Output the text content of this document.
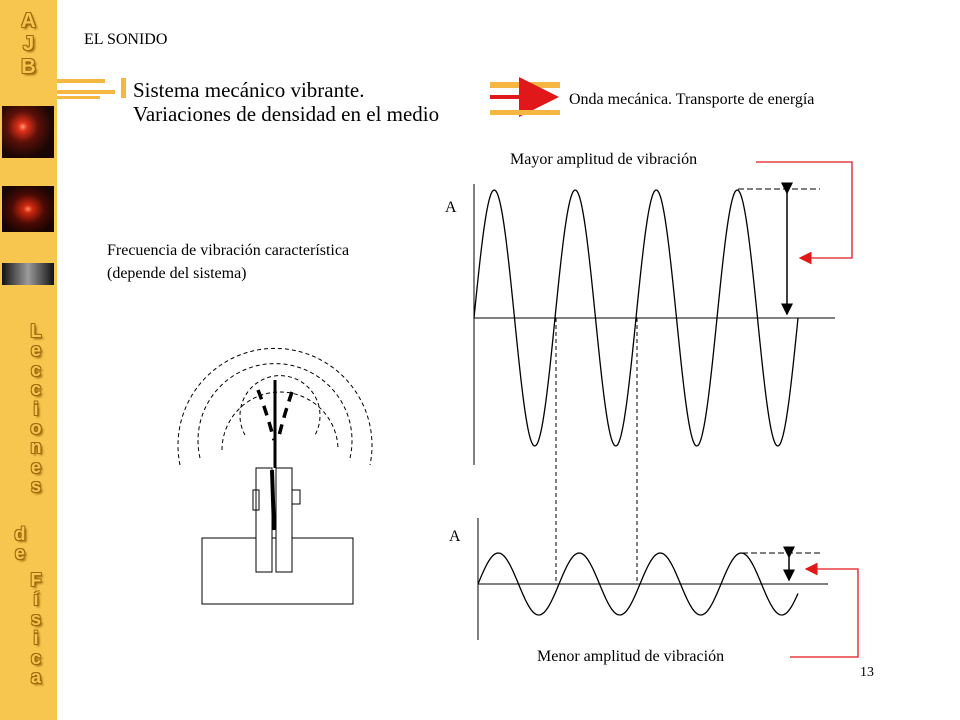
A
J
B
L
e
c
c
i
o
n
e
s
d
e
F
í
s
i
c
a
EL SONIDO
Sistema mecánico vibrante.
Variaciones de densidad en el medio
Onda mecánica. Transporte de energía
Frecuencia de vibración característica
(depende del sistema)
Mayor amplitud de vibración
Menor amplitud de vibración
A
A
13
